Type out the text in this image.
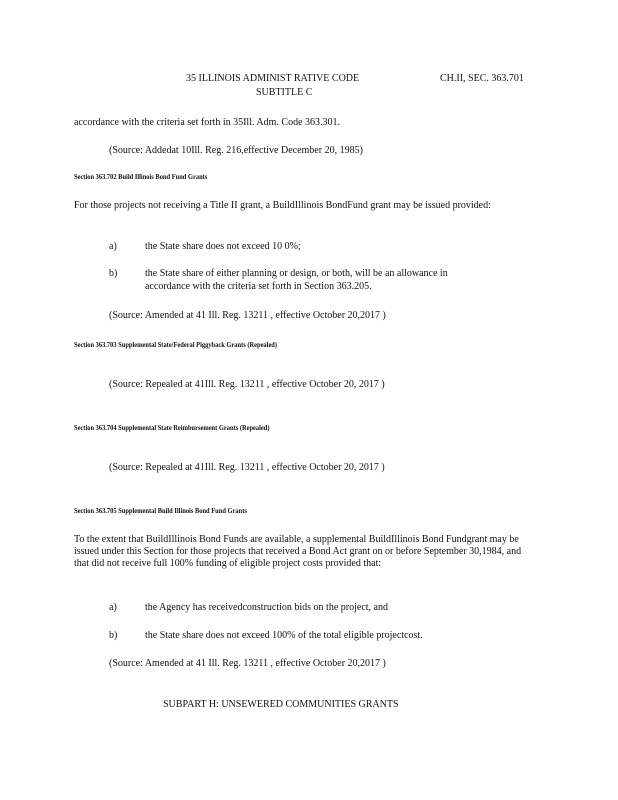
35 ILLINOIS ADMINIST RATIVE CODE	CH.II, SEC. 363.701
SUBTITLE C
accordance with the criteria set forth in 35Ill. Adm. Code 363.301.
(Source: Addedat 10Ill. Reg. 216,effective December 20, 1985)
Section 363.702 Build Illinois Bond Fund Grants
For those projects not receiving a Title II grant, a BuildIllinois BondFund grant may be issued provided:
a)	the State share does not exceed 10 0%;
b)	the State share of either planning or design, or both, will be an allowance in
accordance with the criteria set forth in Section 363.205.
(Source: Amended at 41 Ill. Reg. 13211 , effective October 20,2017 )
Section 363.703 Supplemental State/Federal Piggyback Grants (Repealed)
(Source: Repealed at 41Ill. Reg. 13211 , effective October 20, 2017 )
Section 363.704 Supplemental State Reimbursement Grants (Repealed)
(Source: Repealed at 41Ill. Reg. 13211 , effective October 20, 2017 )
Section 363.705 Supplemental Build Illinois Bond Fund Grants
To the extent that BuildIllinois Bond Funds are available, a supplemental BuildIllinois Bond Fundgrant may be issued under this Section for those projects that received a Bond Act grant on or before September 30,1984, and that did not receive full 100% funding of eligible project costs provided that:
a)	the Agency has receivedconstruction bids on the project, and
b)	the State share does not exceed 100% of the total eligible projectcost.
(Source: Amended at 41 Ill. Reg. 13211 , effective October 20,2017 )
SUBPART H: UNSEWERED COMMUNITIES GRANTS
